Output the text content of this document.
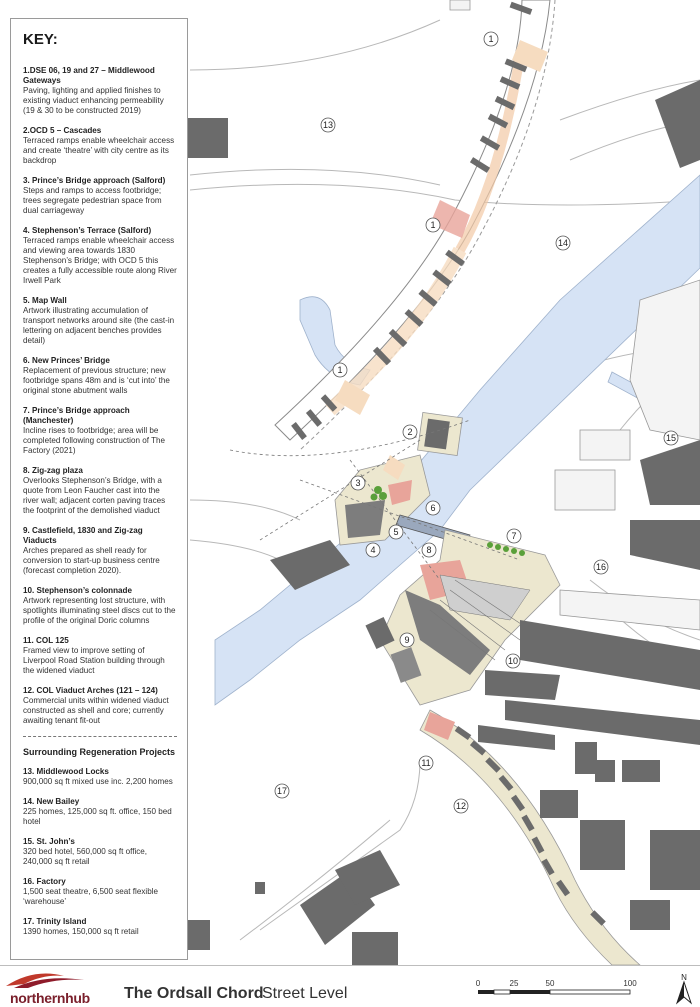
1
1
1
2
3
4
5
6
7
8
9
10
11
12
13
14
15
16
17
KEY:
1.DSE 06, 19 and 27 – Middlewood Gateways
Paving, lighting and applied finishes to existing viaduct enhancing permeability (19 & 30 to be constructed 2019)
2.OCD 5 – Cascades
Terraced ramps enable wheelchair access and create ‘theatre’ with city centre as its backdrop
3. Prince’s Bridge approach (Salford)
Steps and ramps to access footbridge; trees segregate pedestrian space from dual carriageway
4. Stephenson’s Terrace (Salford)
Terraced ramps enable wheelchair access and viewing area towards 1830 Stephenson’s Bridge; with OCD 5 this creates a fully accessible route along River Irwell Park
5. Map Wall
Artwork illustrating accumulation of transport networks around site (the cast-in lettering on adjacent benches provides detail)
6. New Princes’ Bridge
Replacement of previous structure; new footbridge spans 48m and is ‘cut into’ the original stone abutment walls
7. Prince’s Bridge approach (Manchester)
Incline rises to footbridge; area will be completed following construction of The Factory (2021)
8. Zig-zag plaza
Overlooks Stephenson’s Bridge, with a quote from Leon Faucher cast into the river wall; adjacent corten paving traces the footprint of the demolished viaduct
9. Castlefield, 1830 and Zig-zag Viaducts
Arches prepared as shell ready for conversion to start-up business centre (forecast completion 2020).
10. Stephenson’s colonnade
Artwork representing lost structure, with spotlights illuminating steel discs cut to the profile of the original Doric columns
11. COL 125
Framed view to improve setting of Liverpool Road Station building through the widened viaduct
12. COL Viaduct Arches (121 – 124)
Commercial units within widened viaduct constructed as shell and core; currently awaiting tenant fit-out
Surrounding Regeneration Projects
13. Middlewood Locks
900,000 sq ft mixed use inc. 2,200 homes
14. New Bailey
225 homes, 125,000 sq ft. office, 150 bed hotel
15. St. John’s
320 bed hotel, 560,000 sq ft office, 240,000 sq ft retail
16. Factory
1,500 seat theatre, 6,500 seat flexible ‘warehouse’
17. Trinity Island
1390 homes, 150,000 sq ft retail
northernhub The Ordsall Chord
Street Level
0	25	50	100
N
